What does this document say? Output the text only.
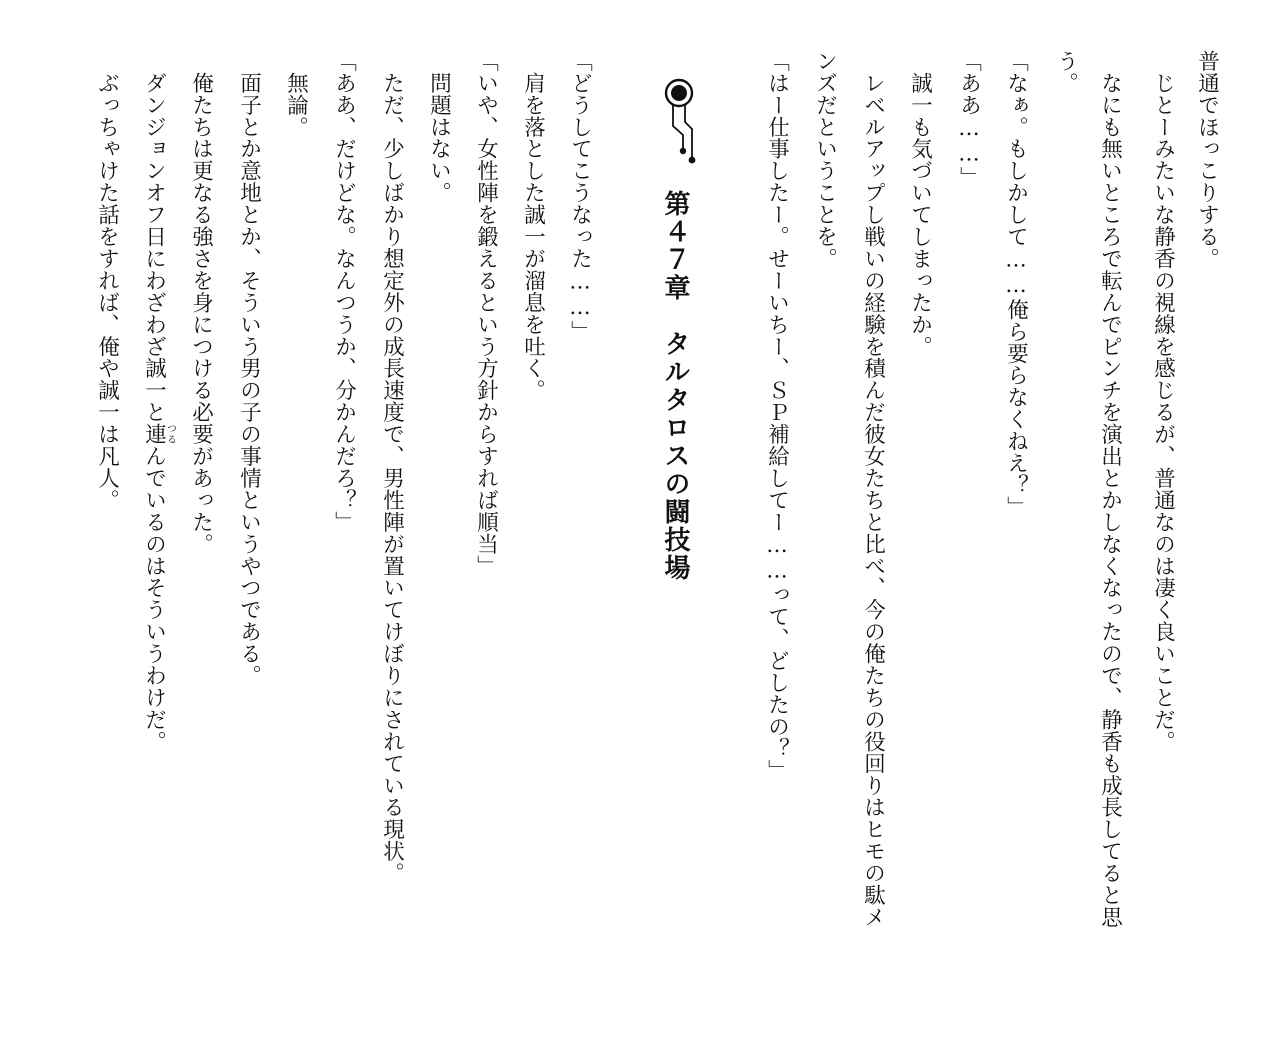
普通でほっこりする。
　じとーみたいな静香の視線を感じるが、普通なのは凄く良いことだ。
　なにも無いところで転んでピンチを演出とかしなくなったので、静香も成長してると思
う。
「なぁ。もしかして……俺ら要らなくねえ？」
「ああ……」
　誠一も気づいてしまったか。
　レベルアップし戦いの経験を積んだ彼女たちと比べ、今の俺たちの役回りはヒモの駄メ
ンズだということを。
「はー仕事したー。せーいちー、ＳＰ補給してー……って、どしたの？」
第４７章　タルタロスの闘技場
「どうしてこうなった……」
　肩を落とした誠一が溜息を吐く。
「いや、女性陣を鍛えるという方針からすれば順当」
　問題はない。
　ただ、少しばかり想定外の成長速度で、男性陣が置いてけぼりにされている現状。
「ああ、だけどな。なんつうか、分かんだろ？」
　無論。
　面子とか意地とか、そういう男の子の事情というやつである。
　俺たちは更なる強さを身につける必要があった。
　ダンジョンオフ日にわざわざ誠一と連つるんでいるのはそういうわけだ。
　ぶっちゃけた話をすれば、俺や誠一は凡人。
